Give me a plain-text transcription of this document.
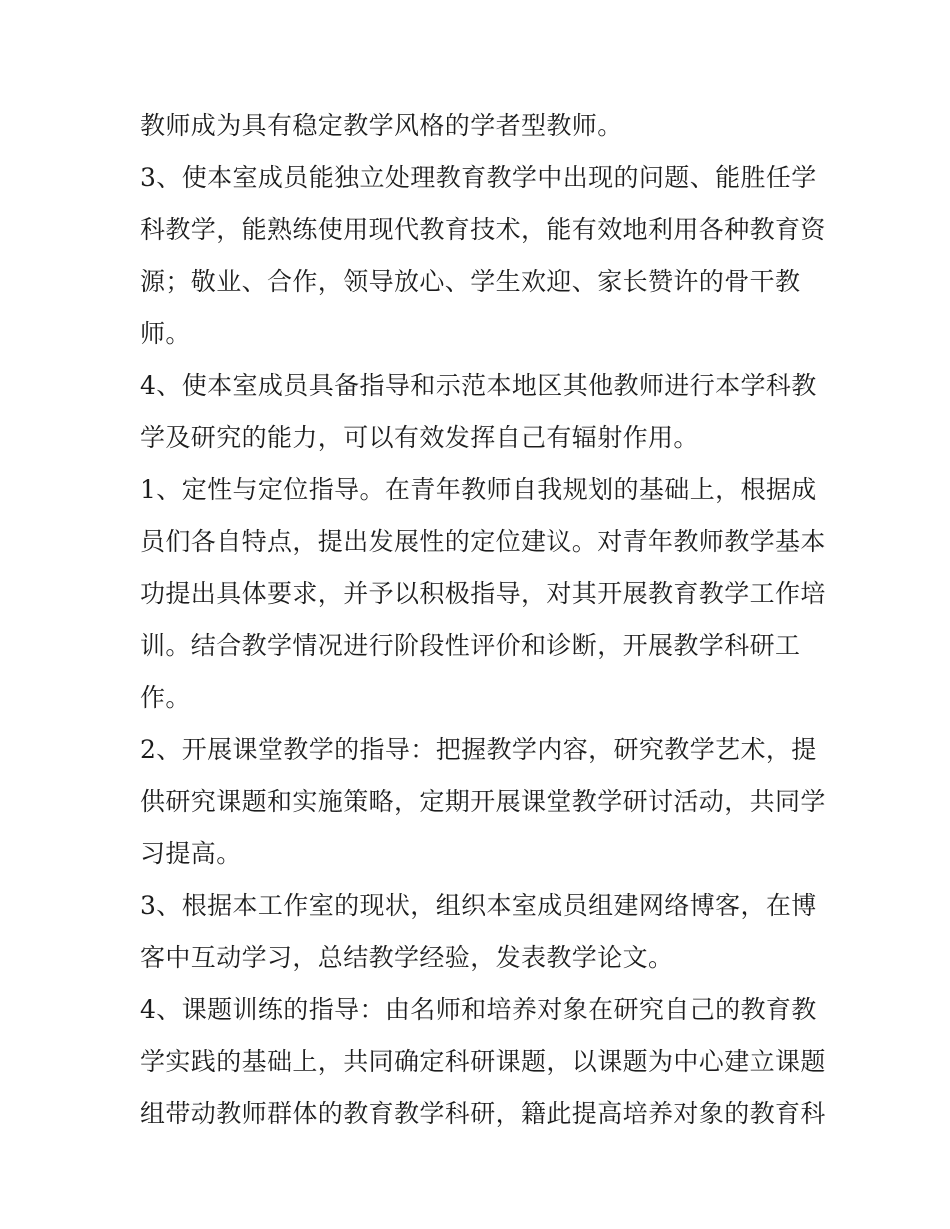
教师成为具有稳定教学风格的学者型教师。
3、使本室成员能独立处理教育教学中出现的问题、能胜任学
科教学，能熟练使用现代教育技术，能有效地利用各种教育资
源；敬业、合作，领导放心、学生欢迎、家长赞许的骨干教
师。
4、使本室成员具备指导和示范本地区其他教师进行本学科教
学及研究的能力，可以有效发挥自己有辐射作用。
1、定性与定位指导。在青年教师自我规划的基础上，根据成
员们各自特点，提出发展性的定位建议。对青年教师教学基本
功提出具体要求，并予以积极指导，对其开展教育教学工作培
训。结合教学情况进行阶段性评价和诊断，开展教学科研工
作。
2、开展课堂教学的指导：把握教学内容，研究教学艺术，提
供研究课题和实施策略，定期开展课堂教学研讨活动，共同学
习提高。
3、根据本工作室的现状，组织本室成员组建网络博客，在博
客中互动学习，总结教学经验，发表教学论文。
4、课题训练的指导：由名师和培养对象在研究自己的教育教
学实践的基础上，共同确定科研课题，以课题为中心建立课题
组带动教师群体的教育教学科研，籍此提高培养对象的教育科
